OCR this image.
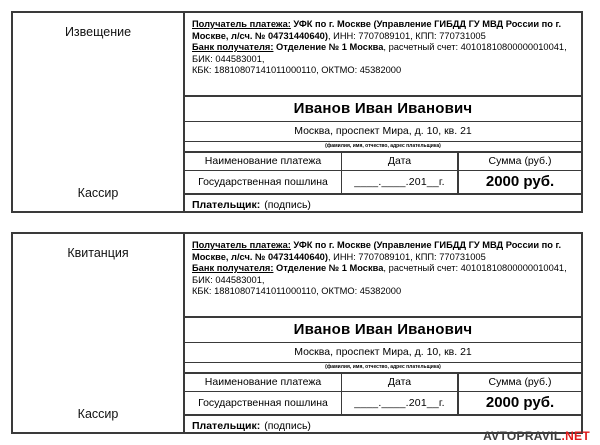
Извещение
Кассир
Получатель платежа: УФК по г. Москве (Управление ГИБДД ГУ МВД России по г. Москве, л/сч. № 04731440640), ИНН: 7707089101, КПП: 770731005
Банк получателя: Отделение № 1 Москва, расчетный счет: 40101810800000010041, БИК: 044583001,
КБК: 18810807141011000110, ОКТМО: 45382000
Иванов Иван Иванович
Москва, проспект Мира, д. 10, кв. 21
(фамилия, имя, отчество, адрес плательщика)
Наименование платежа	Дата	Сумма (руб.)
Государственная пошлина	____.____.201__г.	2000 руб.
Плательщик: (подпись)
Квитанция
Кассир
Получатель платежа: УФК по г. Москве (Управление ГИБДД ГУ МВД России по г. Москве, л/сч. № 04731440640), ИНН: 7707089101, КПП: 770731005
Банк получателя: Отделение № 1 Москва, расчетный счет: 40101810800000010041, БИК: 044583001,
КБК: 18810807141011000110, ОКТМО: 45382000
Иванов Иван Иванович
Москва, проспект Мира, д. 10, кв. 21
(фамилия, имя, отчество, адрес плательщика)
Наименование платежа	Дата	Сумма (руб.)
Государственная пошлина	____.____.201__г.	2000 руб.
Плательщик: (подпись)
AVTOPRAVIL.NET
